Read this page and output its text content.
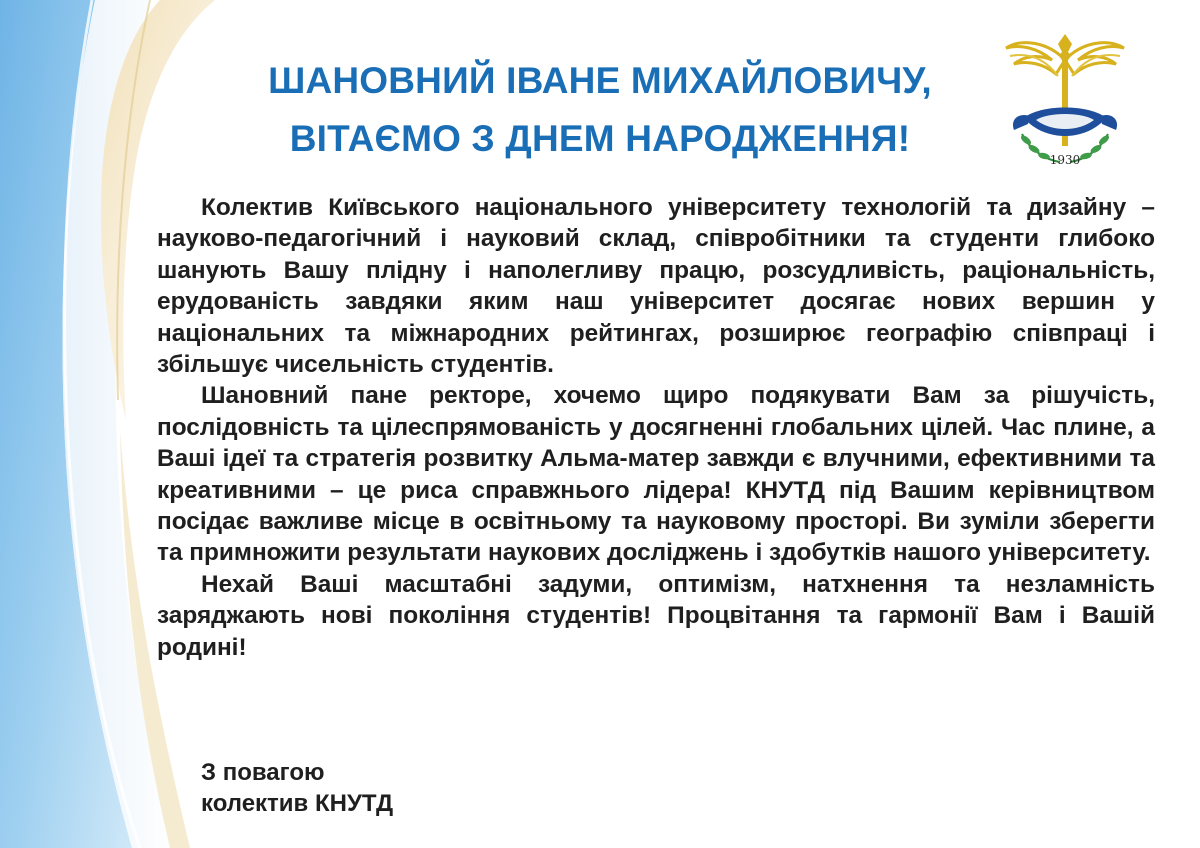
ШАНОВНИЙ ІВАНЕ МИХАЙЛОВИЧУ,
ВІТАЄМО З ДНЕМ НАРОДЖЕННЯ!
1930

Колектив Київського національного університету технологій та дизайну – науково-педагогічний і науковий склад, співробітники та студенти глибоко шанують Вашу плідну і наполегливу працю, розсудливість, раціональність, ерудованість завдяки яким наш університет досягає нових вершин у національних та міжнародних рейтингах, розширює географію співпраці і збільшує чисельність студентів.

Шановний пане ректоре, хочемо щиро подякувати Вам за рішучість, послідовність та цілеспрямованість у досягненні глобальних цілей. Час плине, а Ваші ідеї та стратегія розвитку Альма-матер завжди є влучними, ефективними та креативними – це риса справжнього лідера! КНУТД під Вашим керівництвом посідає важливе місце в освітньому та науковому просторі. Ви зуміли зберегти та примножити результати наукових досліджень і здобутків нашого університету.

Нехай Ваші масштабні задуми, оптимізм, натхнення та незламність заряджають нові покоління студентів! Процвітання та гармонії Вам і Вашій родині!

З повагою
колектив КНУТД
